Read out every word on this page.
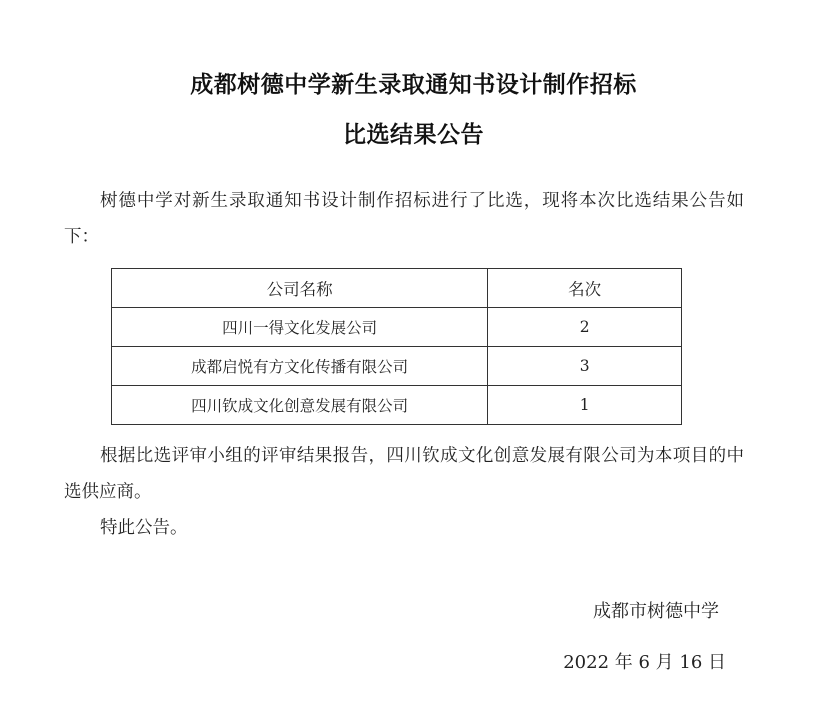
成都树德中学新生录取通知书设计制作招标
比选结果公告

树德中学对新生录取通知书设计制作招标进行了比选，现将本次比选结果公告如下：

公司名称	名次
四川一得文化发展公司	2
成都启悦有方文化传播有限公司	3
四川钦成文化创意发展有限公司	1

根据比选评审小组的评审结果报告，四川钦成文化创意发展有限公司为本项目的中选供应商。

特此公告。

成都市树德中学
2022 年 6 月 16 日
